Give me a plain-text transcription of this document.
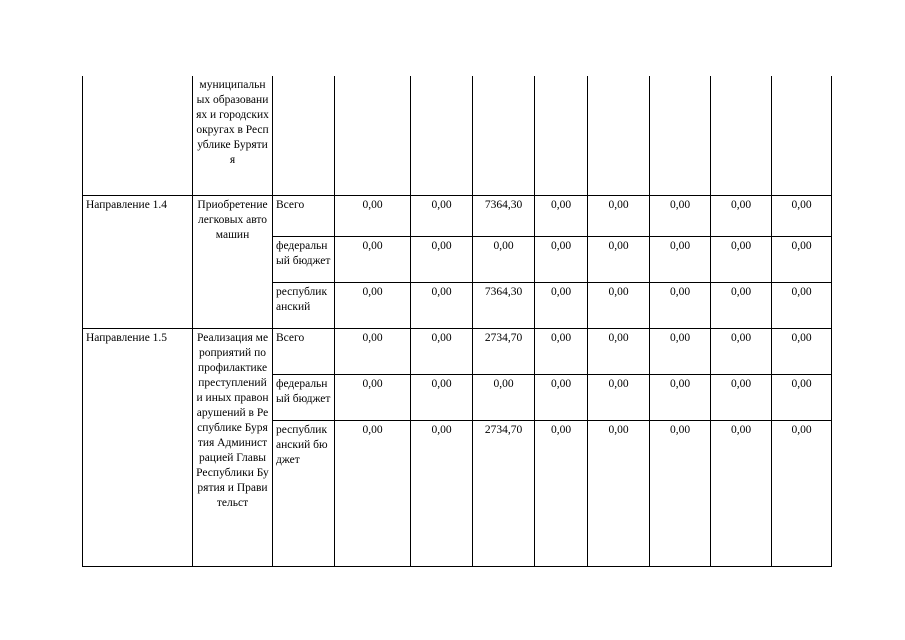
	муниципальных образованиях и городских округах в Республике Бурятия									
Направление 1.4	Приобретение легковых автомашин	Всего	0,00	0,00	7364,30	0,00	0,00	0,00	0,00	0,00
		федеральный бюджет	0,00	0,00	0,00	0,00	0,00	0,00	0,00	0,00
		республиканский	0,00	0,00	7364,30	0,00	0,00	0,00	0,00	0,00
Направление 1.5	Реализация мероприятий по профилактике преступлений и иных правонарушений в Республике Бурятия Администрацией Главы Республики Бурятия и Правительст	Всего	0,00	0,00	2734,70	0,00	0,00	0,00	0,00	0,00
		федеральный бюджет	0,00	0,00	0,00	0,00	0,00	0,00	0,00	0,00
		республиканский бюджет	0,00	0,00	2734,70	0,00	0,00	0,00	0,00	0,00
